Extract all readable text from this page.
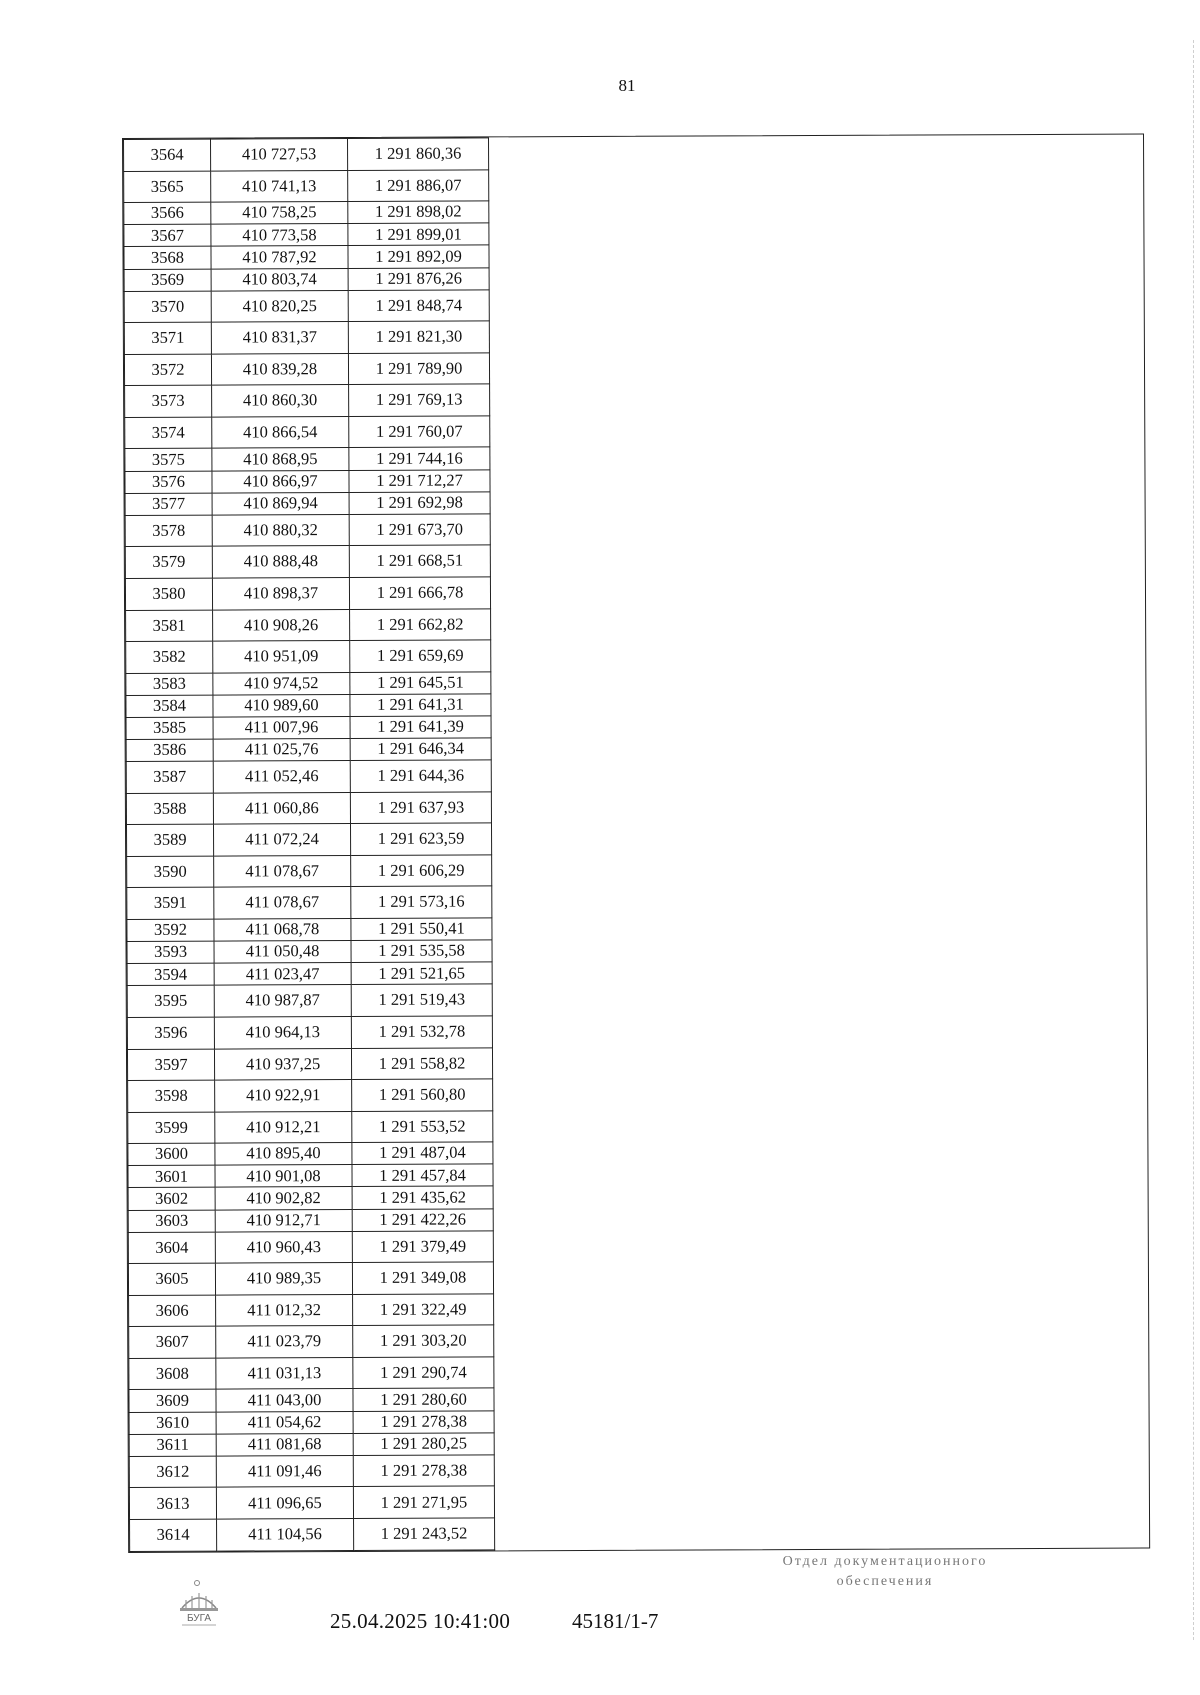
81
3564	410 727,53	1 291 860,36
3565	410 741,13	1 291 886,07
3566	410 758,25	1 291 898,02
3567	410 773,58	1 291 899,01
3568	410 787,92	1 291 892,09
3569	410 803,74	1 291 876,26
3570	410 820,25	1 291 848,74
3571	410 831,37	1 291 821,30
3572	410 839,28	1 291 789,90
3573	410 860,30	1 291 769,13
3574	410 866,54	1 291 760,07
3575	410 868,95	1 291 744,16
3576	410 866,97	1 291 712,27
3577	410 869,94	1 291 692,98
3578	410 880,32	1 291 673,70
3579	410 888,48	1 291 668,51
3580	410 898,37	1 291 666,78
3581	410 908,26	1 291 662,82
3582	410 951,09	1 291 659,69
3583	410 974,52	1 291 645,51
3584	410 989,60	1 291 641,31
3585	411 007,96	1 291 641,39
3586	411 025,76	1 291 646,34
3587	411 052,46	1 291 644,36
3588	411 060,86	1 291 637,93
3589	411 072,24	1 291 623,59
3590	411 078,67	1 291 606,29
3591	411 078,67	1 291 573,16
3592	411 068,78	1 291 550,41
3593	411 050,48	1 291 535,58
3594	411 023,47	1 291 521,65
3595	410 987,87	1 291 519,43
3596	410 964,13	1 291 532,78
3597	410 937,25	1 291 558,82
3598	410 922,91	1 291 560,80
3599	410 912,21	1 291 553,52
3600	410 895,40	1 291 487,04
3601	410 901,08	1 291 457,84
3602	410 902,82	1 291 435,62
3603	410 912,71	1 291 422,26
3604	410 960,43	1 291 379,49
3605	410 989,35	1 291 349,08
3606	411 012,32	1 291 322,49
3607	411 023,79	1 291 303,20
3608	411 031,13	1 291 290,74
3609	411 043,00	1 291 280,60
3610	411 054,62	1 291 278,38
3611	411 081,68	1 291 280,25
3612	411 091,46	1 291 278,38
3613	411 096,65	1 291 271,95
3614	411 104,56	1 291 243,52
БУГА	25.04.2025 10:41:00	45181/1-7
Отдел документационного
обеспечения
